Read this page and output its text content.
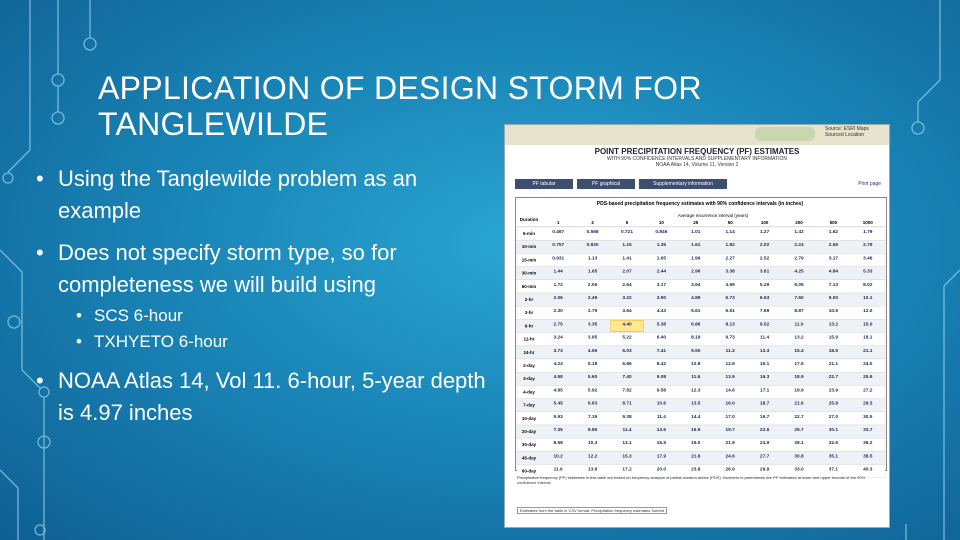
APPLICATION OF DESIGN STORM FOR TANGLEWILDE
• Using the Tanglewilde problem as an example
• Does not specify storm type, so for completeness we will build using
• SCS 6-hour
• TXHYETO 6-hour
• NOAA Atlas 14, Vol 11. 6-hour, 5-year depth is 4.97 inches
Source: ESRI Maps
Sourced Location
POINT PRECIPITATION FREQUENCY (PF) ESTIMATES
WITH 90% CONFIDENCE INTERVALS AND SUPPLEMENTARY INFORMATION
NOAA Atlas 14, Volume 11, Version 2
PF tabular	PF graphical	Supplementary information	Print page
PDS-based precipitation frequency estimates with 90% confidence intervals (in inches)
Duration
Average recurrence interval (years)
1	2	5	10	25	50	100	200	500	1000
5-min	0.467	0.568	0.721	0.846	1.01	1.14	1.27	1.42	1.62	1.79
10-min	0.757	0.920	1.15	1.35	1.61	1.82	2.02	2.24	2.56	2.79
15-min	0.931	1.13	1.41	1.65	1.99	2.27	2.52	2.79	3.17	3.46
30-min	1.44	1.65	2.07	2.44	2.96	3.38	3.81	4.25	4.84	5.33
60-min	1.72	2.06	2.64	3.17	3.94	4.59	5.29	6.05	7.13	8.02
2-hr	2.06	2.49	3.22	3.90	4.89	5.73	6.63	7.60	9.00	10.1
3-hr	2.30	2.79	3.64	4.43	5.61	6.61	7.69	8.87	10.6	12.0
6-hr	2.75	3.35	4.40	5.38	6.86	8.13	9.52	11.0	13.2	15.0
12-hr	3.24	3.95	5.22	6.40	8.19	9.73	11.4	13.2	15.9	18.1
24-hr	3.73	4.56	6.03	7.41	9.50	11.3	13.3	15.4	18.5	21.1
2-day	4.24	5.18	6.86	8.42	10.8	12.9	15.1	17.5	21.1	24.0
3-day	4.58	5.60	7.40	9.08	11.6	13.9	16.3	18.9	22.7	25.9
4-day	4.85	5.92	7.82	9.58	12.3	14.6	17.1	19.9	23.9	27.2
7-day	5.45	6.63	8.71	10.6	13.5	16.0	18.7	21.6	25.8	29.3
10-day	5.93	7.19	9.38	11.4	14.4	17.0	19.7	22.7	27.0	30.5
20-day	7.35	8.85	11.4	13.6	16.9	19.7	22.6	25.7	30.1	33.7
30-day	8.58	10.3	13.1	15.5	19.0	21.9	24.9	28.1	32.6	36.2
45-day	10.2	12.2	15.3	17.9	21.6	24.6	27.7	30.8	35.1	38.5
60-day	11.6	13.8	17.2	20.0	23.8	26.9	29.9	33.0	37.1	40.3
Precipitation frequency (PF) estimates in this table are based on frequency analysis of partial duration series (PDS). Numbers in parenthesis are PF estimates at lower and upper bounds of the 90% confidence interval.
Estimates from the table in CSV format: Precipitation frequency estimates Submit
